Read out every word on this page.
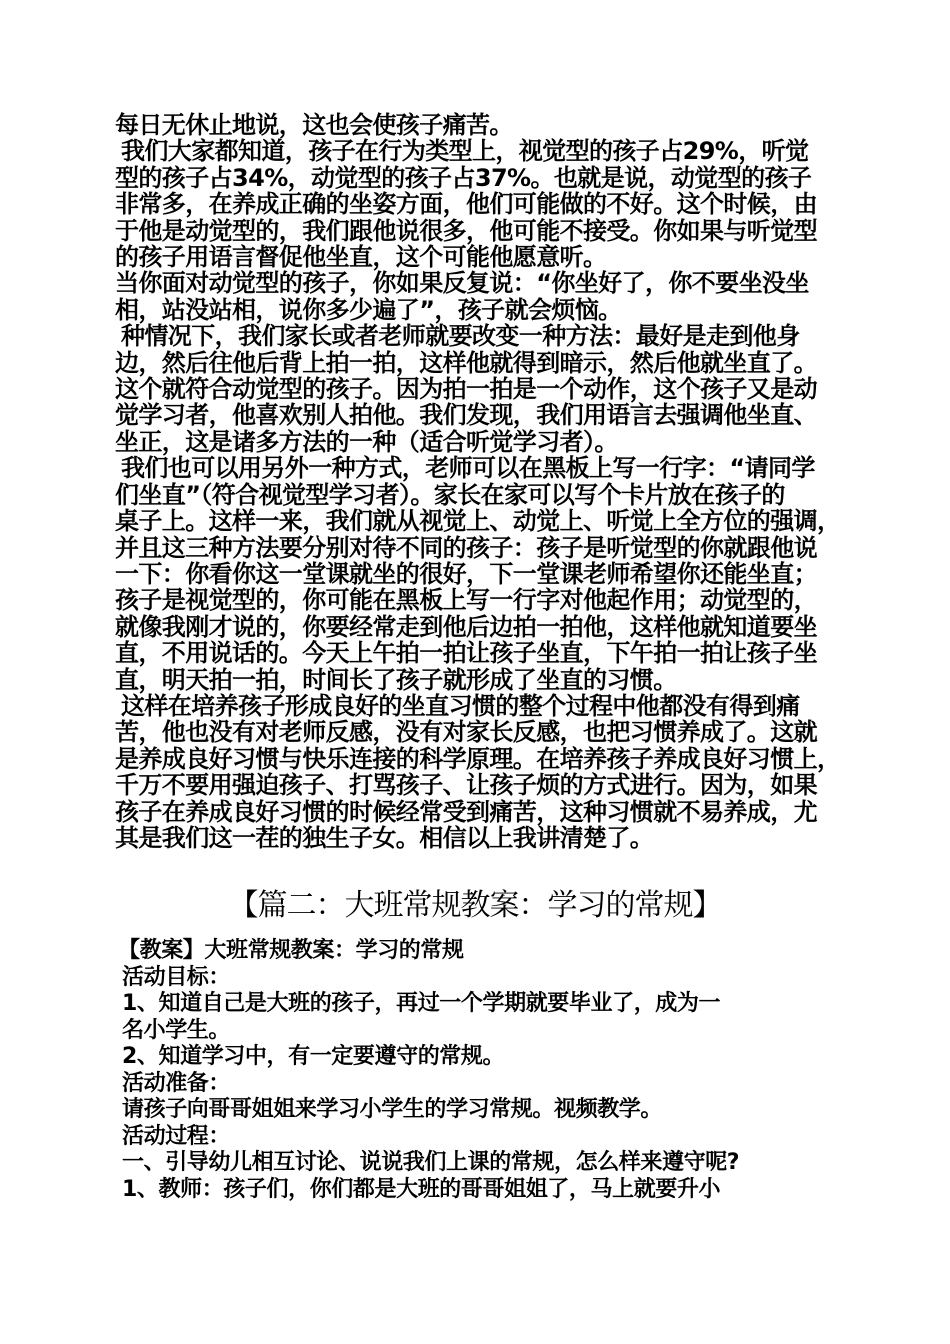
每日无休止地说，这也会使孩子痛苦。

我们大家都知道，孩子在行为类型上，视觉型的孩子占29%，听觉

型的孩子占34%，动觉型的孩子占37%。也就是说，动觉型的孩子

非常多，在养成正确的坐姿方面，他们可能做的不好。这个时候，由

于他是动觉型的，我们跟他说很多，他可能不接受。你如果与听觉型

的孩子用语言督促他坐直，这个可能他愿意听。

当你面对动觉型的孩子，你如果反复说：“你坐好了，你不要坐没坐

相，站没站相，说你多少遍了”，孩子就会烦恼。

种情况下，我们家长或者老师就要改变一种方法：最好是走到他身

边，然后往他后背上拍一拍，这样他就得到暗示，然后他就坐直了。

这个就符合动觉型的孩子。因为拍一拍是一个动作，这个孩子又是动

觉学习者，他喜欢别人拍他。我们发现，我们用语言去强调他坐直、

坐正，这是诸多方法的一种（适合听觉学习者）。

我们也可以用另外一种方式，老师可以在黑板上写一行字：“请同学

们坐直”（符合视觉型学习者）。家长在家可以写个卡片放在孩子的

桌子上。这样一来，我们就从视觉上、动觉上、听觉上全方位的强调，

并且这三种方法要分别对待不同的孩子：孩子是听觉型的你就跟他说

一下：你看你这一堂课就坐的很好，下一堂课老师希望你还能坐直；

孩子是视觉型的，你可能在黑板上写一行字对他起作用；动觉型的，

就像我刚才说的，你要经常走到他后边拍一拍他，这样他就知道要坐

直，不用说话的。今天上午拍一拍让孩子坐直，下午拍一拍让孩子坐

直，明天拍一拍，时间长了孩子就形成了坐直的习惯。

这样在培养孩子形成良好的坐直习惯的整个过程中他都没有得到痛

苦，他也没有对老师反感，没有对家长反感，也把习惯养成了。这就

是养成良好习惯与快乐连接的科学原理。在培养孩子养成良好习惯上，

千万不要用强迫孩子、打骂孩子、让孩子烦的方式进行。因为，如果

孩子在养成良好习惯的时候经常受到痛苦，这种习惯就不易养成，尤

其是我们这一茬的独生子女。相信以上我讲清楚了。

【篇二：大班常规教案：学习的常规】

【教案】大班常规教案：学习的常规

活动目标：

1、知道自己是大班的孩子，再过一个学期就要毕业了，成为一

名小学生。

2、知道学习中，有一定要遵守的常规。

活动准备：

请孩子向哥哥姐姐来学习小学生的学习常规。视频教学。

活动过程：

一、引导幼儿相互讨论、说说我们上课的常规，怎么样来遵守呢?

1、教师：孩子们，你们都是大班的哥哥姐姐了，马上就要升小
